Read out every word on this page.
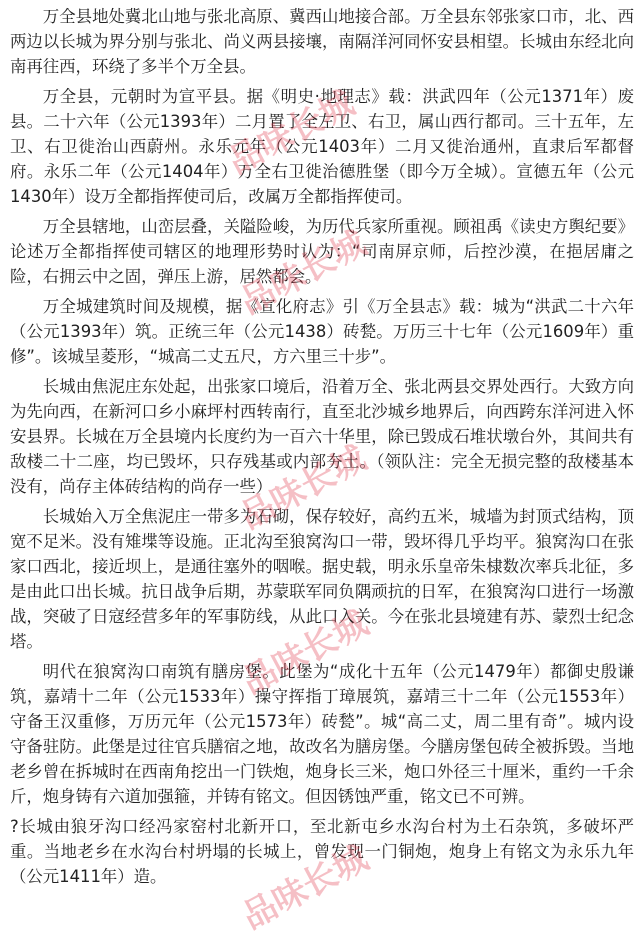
万全县地处冀北山地与张北高原、冀西山地接合部。万全县东邻张家口市，北、西两边以长城为界分别与张北、尚义两县接壤，南隔洋河同怀安县相望。长城由东经北向南再往西，环绕了多半个万全县。

万全县，元朝时为宣平县。据《明史·地理志》载：洪武四年（公元1371年）废县。二十六年（公元1393年）二月置了全左卫、右卫，属山西行都司。三十五年，左卫、右卫徙治山西蔚州。永乐元年（公元1403年）二月又徙治通州，直隶后军都督府。永乐二年（公元1404年）万全右卫徙治德胜堡（即今万全城）。宣德五年（公元1430年）设万全都指挥使司后，改属万全都指挥使司。

万全县辖地，山峦层叠，关隘险峻，为历代兵家所重视。顾祖禹《读史方舆纪要》论述万全都指挥使司辖区的地理形势时认为：“司南屏京师，后控沙漠，在挹居庸之险，右拥云中之固，弹压上游，居然都会。

万全城建筑时间及规模，据《宣化府志》引《万全县志》载：城为“洪武二十六年（公元1393年）筑。正统三年（公元1438）砖甃。万历三十七年（公元1609年）重修”。该城呈菱形，“城高二丈五尺，方六里三十步”。

长城由焦泥庄东处起，出张家口境后，沿着万全、张北两县交界处西行。大致方向为先向西，在新河口乡小麻坪村西转南行，直至北沙城乡地界后，向西跨东洋河进入怀安县界。长城在万全县境内长度约为一百六十华里，除已毁成石堆状墩台外，其间共有敌楼二十二座，均已毁坏，只存残基或内部夯土。（领队注：完全无损完整的敌楼基本没有，尚存主体砖结构的尚存一些）

长城始入万全焦泥庄一带多为石砌，保存较好，高约五米，城墙为封顶式结构，顶宽不足米。没有雉堞等设施。正北沟至狼窝沟口一带，毁坏得几乎均平。狼窝沟口在张家口西北，接近坝上，是通往塞外的咽喉。据史载，明永乐皇帝朱棣数次率兵北征，多是由此口出长城。抗日战争后期，苏蒙联军同负隅顽抗的日军，在狼窝沟口进行一场激战，突破了日寇经营多年的军事防线，从此口入关。今在张北县境建有苏、蒙烈士纪念塔。

明代在狼窝沟口南筑有膳房堡。此堡为“成化十五年（公元1479年）都御史殷谦筑，嘉靖十二年（公元1533年）操守挥指丁璋展筑，嘉靖三十二年（公元1553年）守备王汉重修，万历元年（公元1573年）砖甃”。城“高二丈，周二里有奇”。城内设守备驻防。此堡是过往官兵膳宿之地，故改名为膳房堡。今膳房堡包砖全被拆毁。当地老乡曾在拆城时在西南角挖出一门铁炮，炮身长三米，炮口外径三十厘米，重约一千余斤，炮身铸有六道加强箍，并铸有铭文。但因锈蚀严重，铭文已不可辨。

?长城由狼牙沟口经冯家窑村北新开口，至北新屯乡水沟台村为土石杂筑，多破坏严重。当地老乡在水沟台村坍塌的长城上，曾发现一门铜炮，炮身上有铭文为永乐九年（公元1411年）造。

品味长城
品味长城
品味长城
品味长城
品味长城
